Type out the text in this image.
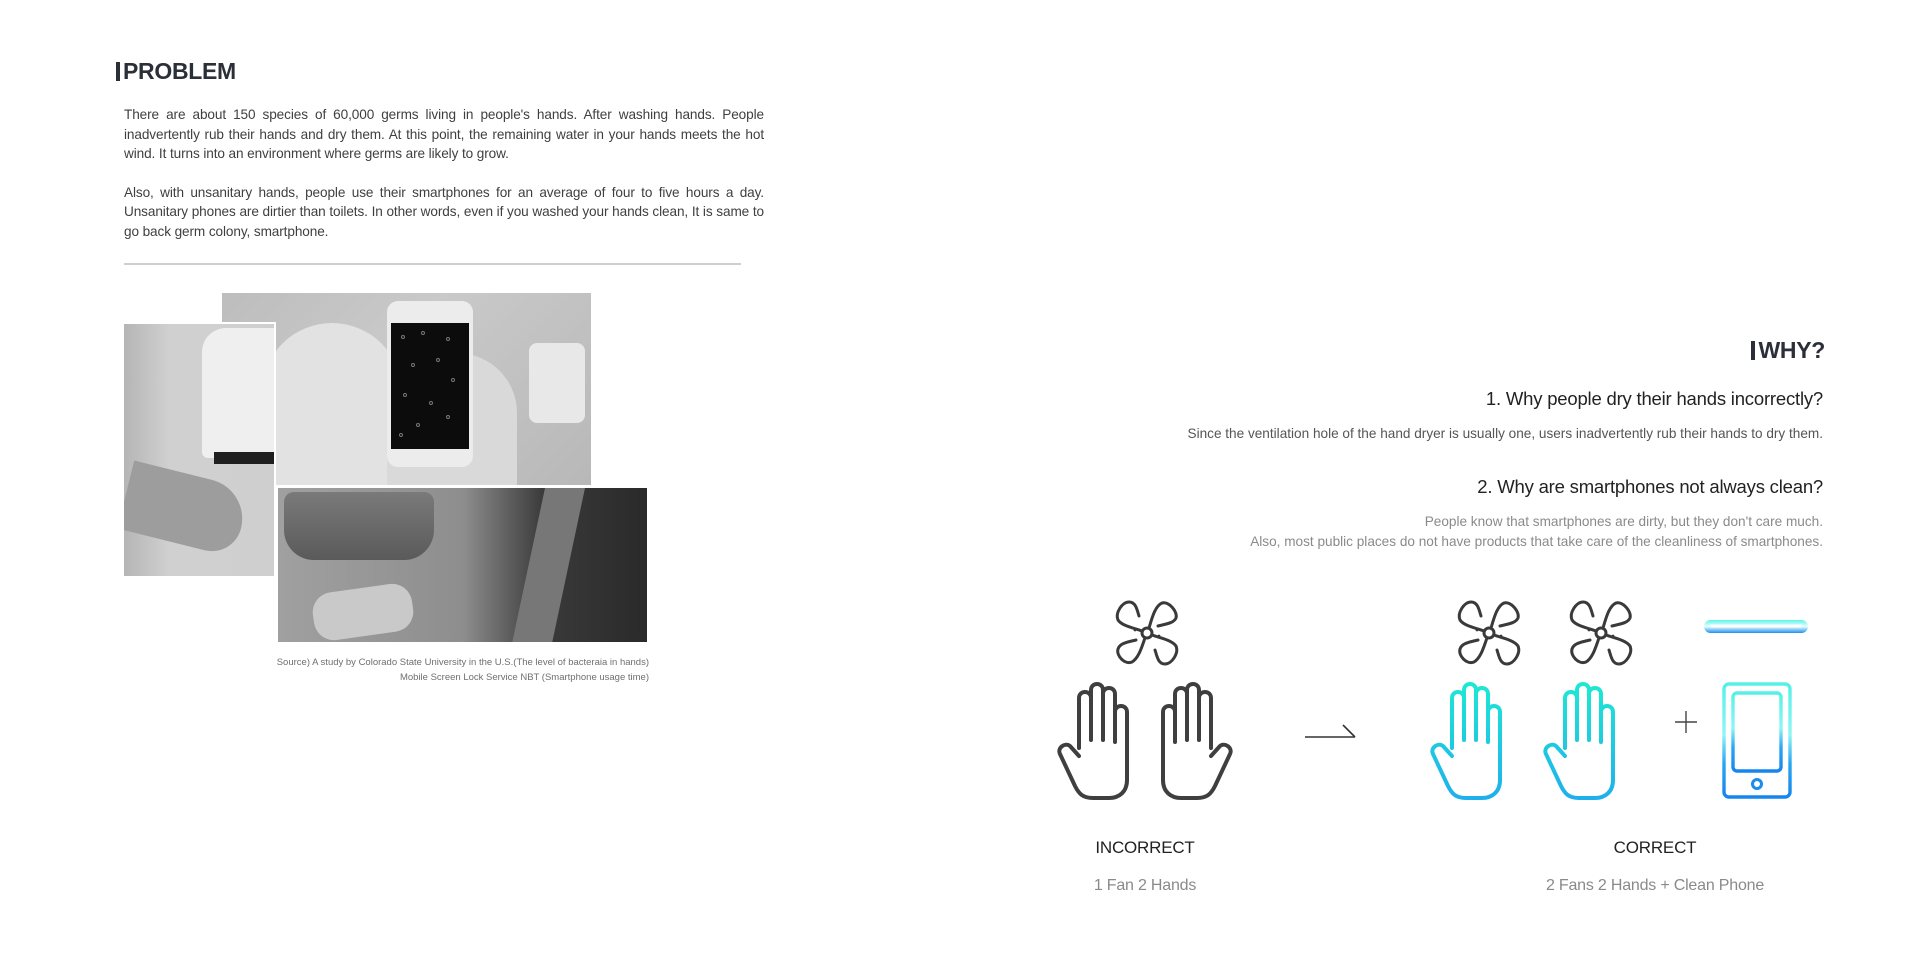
PROBLEM

There are about 150 species of 60,000 germs living in people's hands. After washing hands. People inadvertently rub their hands and dry them. At this point, the remaining water in your hands meets the hot wind. It turns into an environment where germs are likely to grow.

Also, with unsanitary hands, people use their smartphones for an average of four to five hours a day. Unsanitary phones are dirtier than toilets. In other words, even if you washed your hands clean, It is same to go back germ colony, smartphone.

Source) A study by Colorado State University in the U.S.(The level of bacteraia in hands)
Mobile Screen Lock Service NBT (Smartphone usage time)
WHY?
1. Why people dry their hands incorrectly?
Since the ventilation hole of the hand dryer is usually one, users inadvertently rub their hands to dry them.
2. Why are smartphones not always clean?
People know that smartphones are dirty, but they don't care much.
Also, most public places do not have products that take care of the cleanliness of smartphones.
INCORRECT
1 Fan 2 Hands
CORRECT
2 Fans 2 Hands + Clean Phone
